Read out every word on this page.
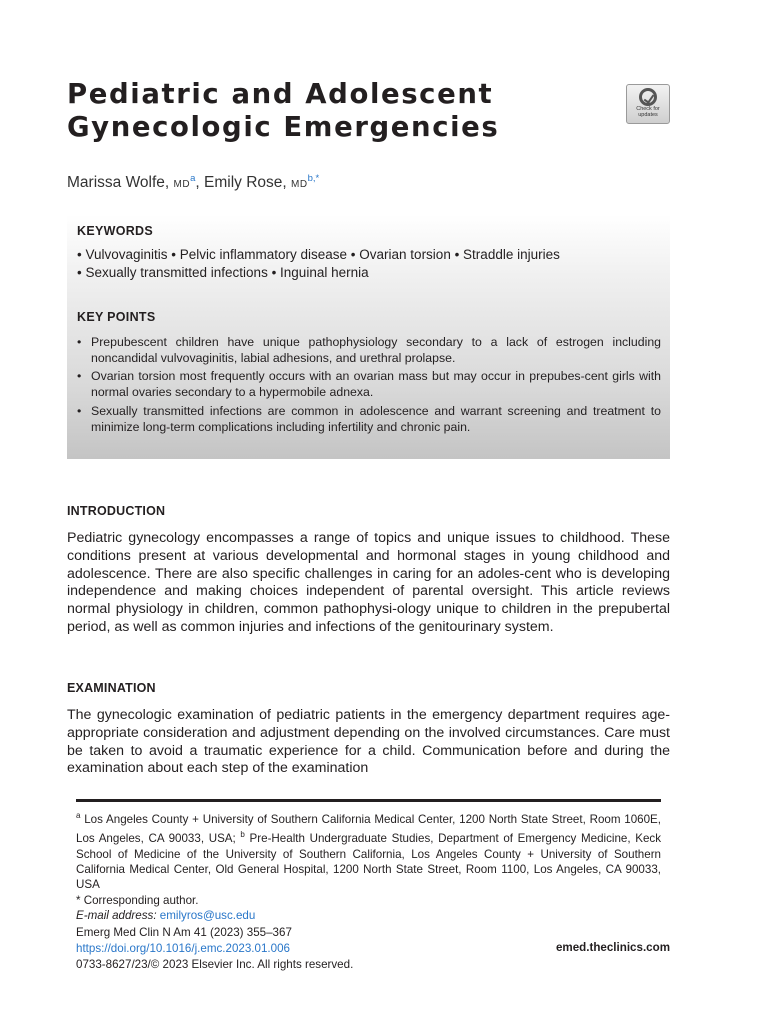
Pediatric and Adolescent
Gynecologic Emergencies
Check for
updates
Marissa Wolfe, $MD^a$, Emily Rose, $MD^{b,*}$
KEYWORDS
• Vulvovaginitis • Pelvic inflammatory disease • Ovarian torsion • Straddle injuries
• Sexually transmitted infections • Inguinal hernia
KEY POINTS
• Prepubescent children have unique pathophysiology secondary to a lack of estrogen including noncandidal vulvovaginitis, labial adhesions, and urethral prolapse.
• Ovarian torsion most frequently occurs with an ovarian mass but may occur in prepubes-cent girls with normal ovaries secondary to a hypermobile adnexa.
• Sexually transmitted infections are common in adolescence and warrant screening and treatment to minimize long-term complications including infertility and chronic pain.
INTRODUCTION

Pediatric gynecology encompasses a range of topics and unique issues to childhood. These conditions present at various developmental and hormonal stages in young childhood and adolescence. There are also specific challenges in caring for an adoles-cent who is developing independence and making choices independent of parental oversight. This article reviews normal physiology in children, common pathophysi-ology unique to children in the prepubertal period, as well as common injuries and infections of the genitourinary system.

EXAMINATION

The gynecologic examination of pediatric patients in the emergency department requires age-appropriate consideration and adjustment depending on the involved circumstances. Care must be taken to avoid a traumatic experience for a child. Communication before and during the examination about each step of the examination

$^a$ Los Angeles County + University of Southern California Medical Center, 1200 North State Street, Room 1060E, Los Angeles, CA 90033, USA; $^b$ Pre-Health Undergraduate Studies, Department of Emergency Medicine, Keck School of Medicine of the University of Southern California, Los Angeles County + University of Southern California Medical Center, Old General Hospital, 1200 North State Street, Room 1100, Los Angeles, CA 90033, USA

* Corresponding author.
E-mail address: emilyros@usc.edu
Emerg Med Clin N Am 41 (2023) 355–367
https://doi.org/10.1016/j.emc.2023.01.006
0733-8627/23/© 2023 Elsevier Inc. All rights reserved.
emed.theclinics.com
